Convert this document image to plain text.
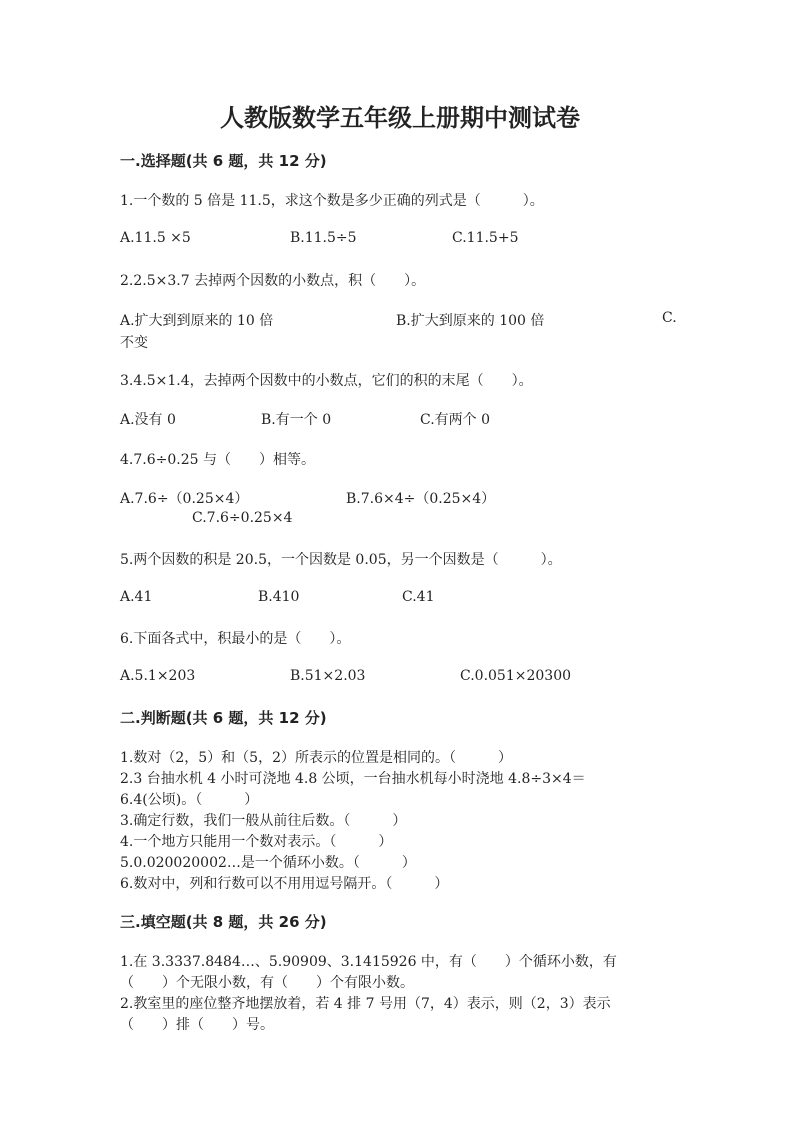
人教版数学五年级上册期中测试卷
一.选择题(共 6 题，共 12 分)
1.一个数的 5 倍是 11.5，求这个数是多少正确的列式是（　　　）。
A.11.5 ×5	B.11.5÷5	C.11.5+5
2.2.5×3.7 去掉两个因数的小数点，积（　　）。
A.扩大到到原来的 10 倍	B.扩大到原来的 100 倍	C.
不变
3.4.5×1.4，去掉两个因数中的小数点，它们的积的末尾（　　）。
A.没有 0	B.有一个 0	C.有两个 0
4.7.6÷0.25 与（　　）相等。
A.7.6÷（0.25×4）	B.7.6×4÷（0.25×4）
C.7.6÷0.25×4
5.两个因数的积是 20.5，一个因数是 0.05，另一个因数是（　　　）。
A.41	B.410	C.41
6.下面各式中，积最小的是（　　）。
A.5.1×203	B.51×2.03	C.0.051×20300
二.判断题(共 6 题，共 12 分)
1.数对（2，5）和（5，2）所表示的位置是相同的。（　　　）
2.3 台抽水机 4 小时可浇地 4.8 公顷，一台抽水机每小时浇地 4.8÷3×4＝
6.4(公顷)。（　　　）
3.确定行数，我们一般从前往后数。（　　　）
4.一个地方只能用一个数对表示。（　　　）
5.0.020020002…是一个循环小数。（　　　）
6.数对中，列和行数可以不用用逗号隔开。（　　　）
三.填空题(共 8 题，共 26 分)
1.在 3.3337.8484…、5.90909、3.1415926 中，有（　　）个循环小数，有
（　　）个无限小数，有（　　）个有限小数。
2.教室里的座位整齐地摆放着，若 4 排 7 号用（7，4）表示，则（2，3）表示
（　　）排（　　）号。
